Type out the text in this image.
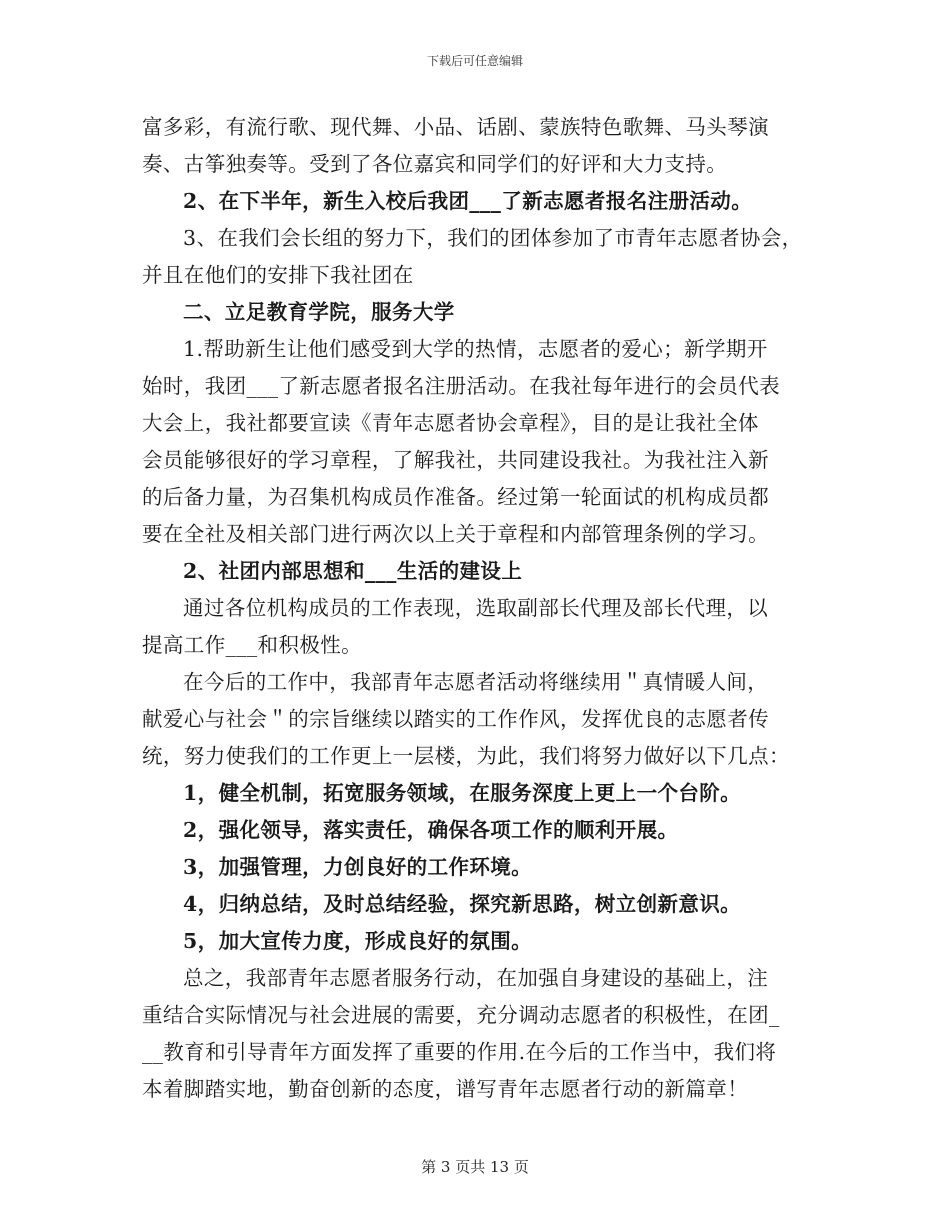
下载后可任意编辑
富多彩，有流行歌、现代舞、小品、话剧、蒙族特色歌舞、马头琴演
奏、古筝独奏等。受到了各位嘉宾和同学们的好评和大力支持。
2、在下半年，新生入校后我团___了新志愿者报名注册活动。
3、在我们会长组的努力下，我们的团体参加了市青年志愿者协会，
并且在他们的安排下我社团在
二、立足教育学院，服务大学
1.帮助新生让他们感受到大学的热情，志愿者的爱心；新学期开
始时，我团___了新志愿者报名注册活动。在我社每年进行的会员代表
大会上，我社都要宣读《青年志愿者协会章程》，目的是让我社全体
会员能够很好的学习章程，了解我社，共同建设我社。为我社注入新
的后备力量，为召集机构成员作准备。经过第一轮面试的机构成员都
要在全社及相关部门进行两次以上关于章程和内部管理条例的学习。
2、社团内部思想和___生活的建设上
通过各位机构成员的工作表现，选取副部长代理及部长代理，以
提高工作___和积极性。
在今后的工作中，我部青年志愿者活动将继续用＂真情暖人间，
献爱心与社会＂的宗旨继续以踏实的工作作风，发挥优良的志愿者传
统，努力使我们的工作更上一层楼，为此，我们将努力做好以下几点：
1，健全机制，拓宽服务领域，在服务深度上更上一个台阶。
2，强化领导，落实责任，确保各项工作的顺利开展。
3，加强管理，力创良好的工作环境。
4，归纳总结，及时总结经验，探究新思路，树立创新意识。
5，加大宣传力度，形成良好的氛围。
总之，我部青年志愿者服务行动，在加强自身建设的基础上，注
重结合实际情况与社会进展的需要，充分调动志愿者的积极性，在团_
__教育和引导青年方面发挥了重要的作用.在今后的工作当中，我们将
本着脚踏实地，勤奋创新的态度，谱写青年志愿者行动的新篇章！
第 3 页共 13 页
